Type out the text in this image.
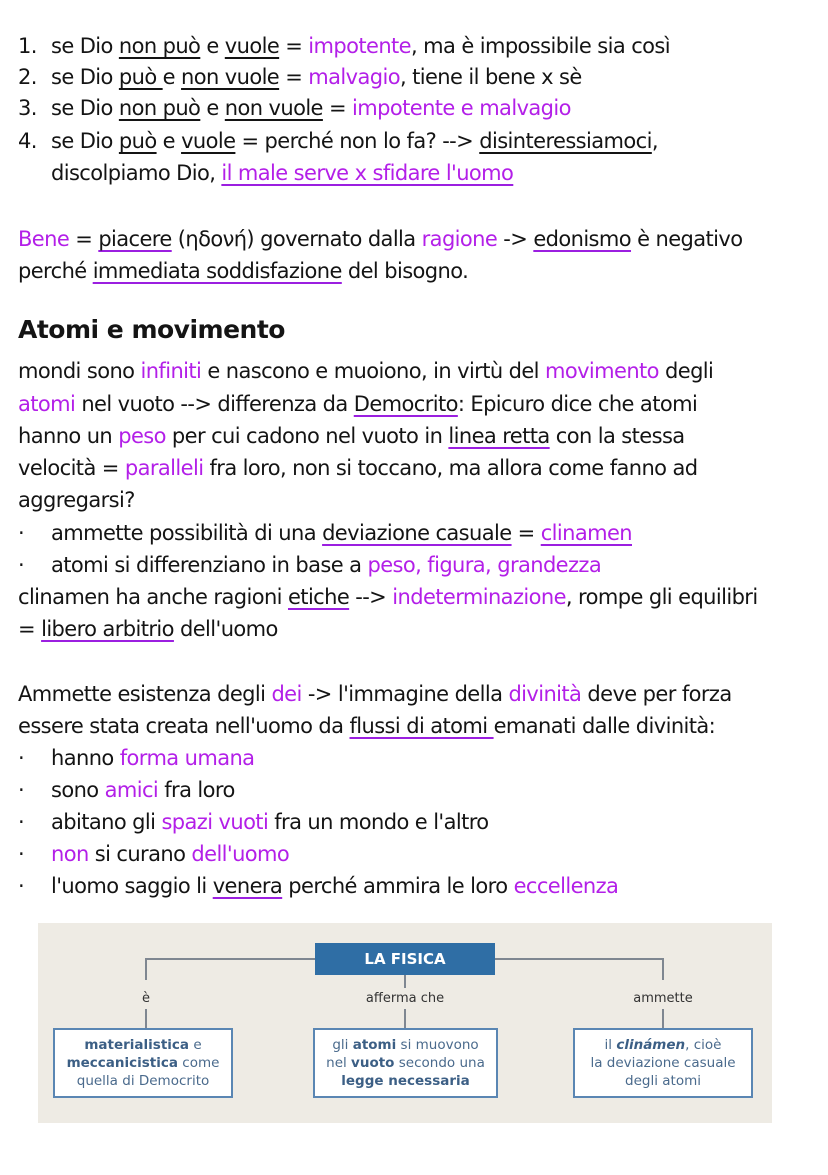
1. se Dio non può e vuole = impotente, ma è impossibile sia così
2. se Dio può e non vuole = malvagio, tiene il bene x sè
3. se Dio non può e non vuole = impotente e malvagio
4. se Dio può e vuole = perché non lo fa? --> disinteressiamoci,
discolpiamo Dio, il male serve x sfidare l'uomo
Bene = piacere (ηδονή) governato dalla ragione -> edonismo è negativo
perché immediata soddisfazione del bisogno.
Atomi e movimento
mondi sono infiniti e nascono e muoiono, in virtù del movimento degli
atomi nel vuoto --> differenza da Democrito: Epicuro dice che atomi
hanno un peso per cui cadono nel vuoto in linea retta con la stessa
velocità = paralleli fra loro, non si toccano, ma allora come fanno ad
aggregarsi?
· ammette possibilità di una deviazione casuale = clinamen
· atomi si differenziano in base a peso, figura, grandezza
clinamen ha anche ragioni etiche --> indeterminazione, rompe gli equilibri
= libero arbitrio dell'uomo
Ammette esistenza degli dei -> l'immagine della divinità deve per forza
essere stata creata nell'uomo da flussi di atomi emanati dalle divinità:
· hanno forma umana
· sono amici fra loro
· abitano gli spazi vuoti fra un mondo e l'altro
· non si curano dell'uomo
· l'uomo saggio li venera perché ammira le loro eccellenza
LA FISICA
è	afferma che	ammette
materialistica e
meccanicistica come
quella di Democrito
gli atomi si muovono
nel vuoto secondo una
legge necessaria
il clinámen, cioè
la deviazione casuale
degli atomi
